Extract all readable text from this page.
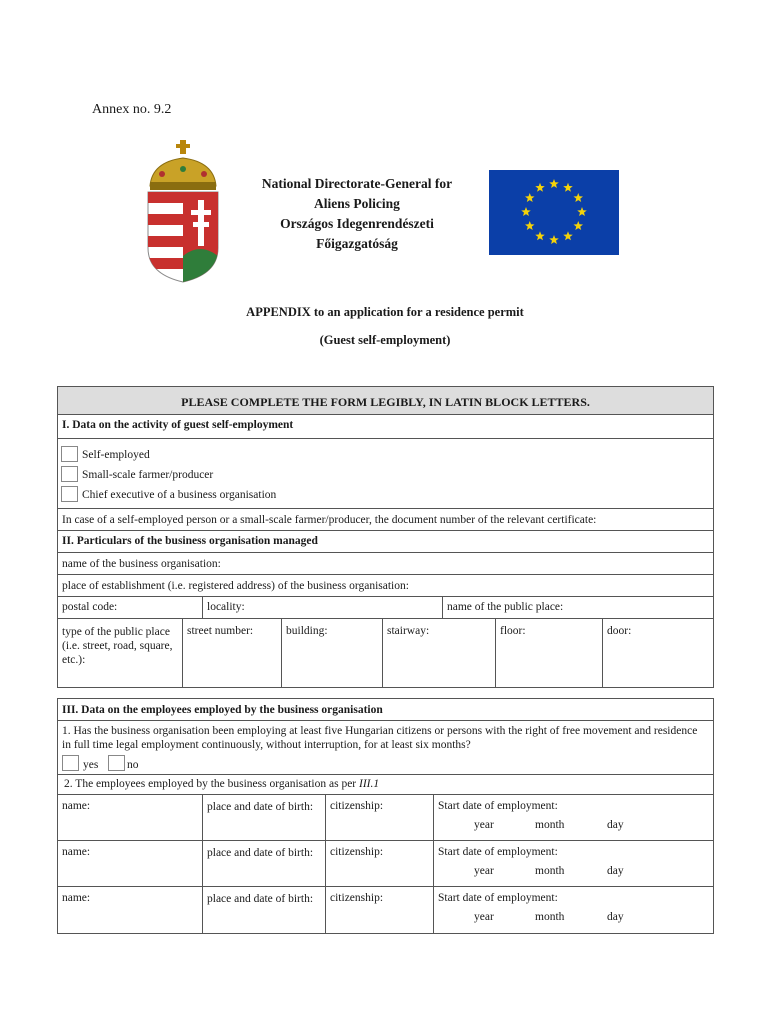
Annex no. 9.2
National Directorate-General for
Aliens Policing
Országos Idegenrendészeti
Főigazgatóság
APPENDIX to an application for a residence permit
(Guest self-employment)
PLEASE COMPLETE THE FORM LEGIBLY, IN LATIN BLOCK LETTERS.
I. Data on the activity of guest self-employment
Self-employed
Small-scale farmer/producer
Chief executive of a business organisation
In case of a self-employed person or a small-scale farmer/producer, the document number of the relevant certificate:
II. Particulars of the business organisation managed
name of the business organisation:
place of establishment (i.e. registered address) of the business organisation:
postal code:	locality:	name of the public place:
type of the public place (i.e. street, road, square, etc.):
street number:	building:	stairway:	floor:	door:
III. Data on the employees employed by the business organisation
1. Has the business organisation been employing at least five Hungarian citizens or persons with the right of free movement and residence in full time legal employment continuously, without interruption, for at least six months?
yes no
2. The employees employed by the business organisation as per III.1
name:	place and date of birth:	citizenship:	Start date of employment:
year	month	day
name:	place and date of birth:	citizenship:	Start date of employment:
year	month	day
name:	place and date of birth:	citizenship:	Start date of employment:
year	month	day
